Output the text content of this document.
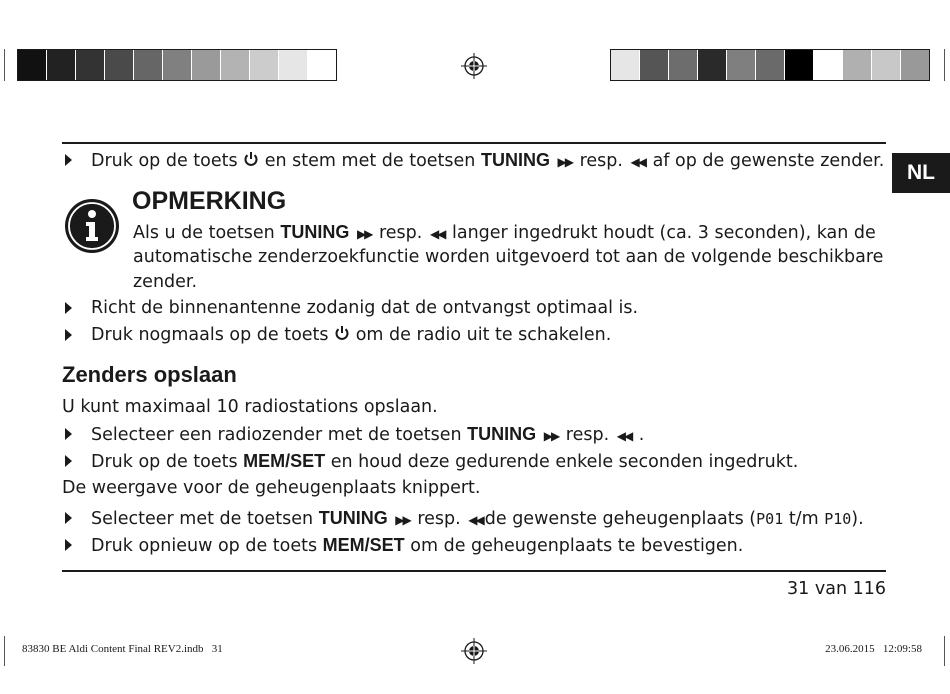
NL
Druk op de toets en stem met de toetsen TUNING ▶▶ resp. ◀◀ af op de gewenste zender.
OPMERKING
Als u de toetsen TUNING ▶▶ resp. ◀◀ langer ingedrukt houdt (ca. 3 seconden), kan de
automatische zenderzoekfunctie worden uitgevoerd tot aan de volgende beschikbare
zender.
Richt de binnenantenne zodanig dat de ontvangst optimaal is.
Druk nogmaals op de toets om de radio uit te schakelen.
Zenders opslaan
U kunt maximaal 10 radiostations opslaan.
Selecteer een radiozender met de toetsen TUNING ▶▶ resp. ◀◀ .
Druk op de toets MEM/SET en houd deze gedurende enkele seconden ingedrukt.
De weergave voor de geheugenplaats knippert.
Selecteer met de toetsen TUNING ▶▶ resp. ◀◀ de gewenste geheugenplaats (P01 t/m P10).
Druk opnieuw op de toets MEM/SET om de geheugenplaats te bevestigen.
31 van 116
83830 BE Aldi Content Final REV2.indb   31	23.06.2015   12:09:58
